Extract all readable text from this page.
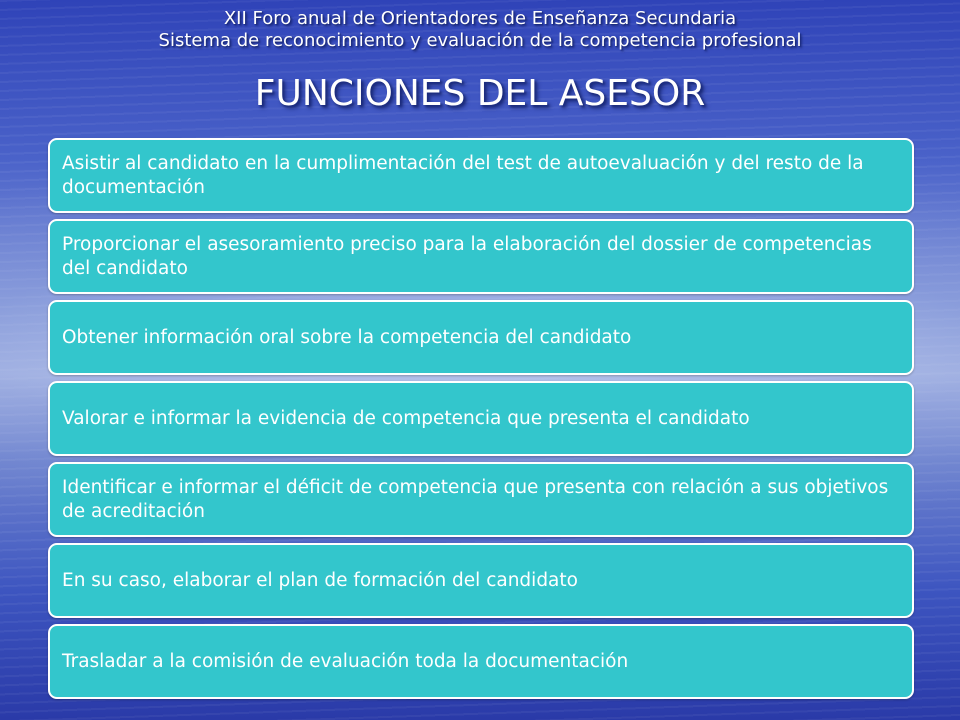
XII Foro anual de Orientadores de Enseñanza Secundaria
Sistema de reconocimiento y evaluación de la competencia profesional
FUNCIONES DEL ASESOR
Asistir al candidato en la cumplimentación del test de autoevaluación y del resto de la documentación
Proporcionar el asesoramiento preciso para la elaboración del dossier de competencias del candidato
Obtener información oral sobre la competencia del candidato
Valorar e informar la evidencia de competencia que presenta el candidato
Identificar e informar el déficit de competencia que presenta con relación a sus objetivos de acreditación
En su caso, elaborar el plan de formación del candidato
Trasladar a la comisión de evaluación toda la documentación
